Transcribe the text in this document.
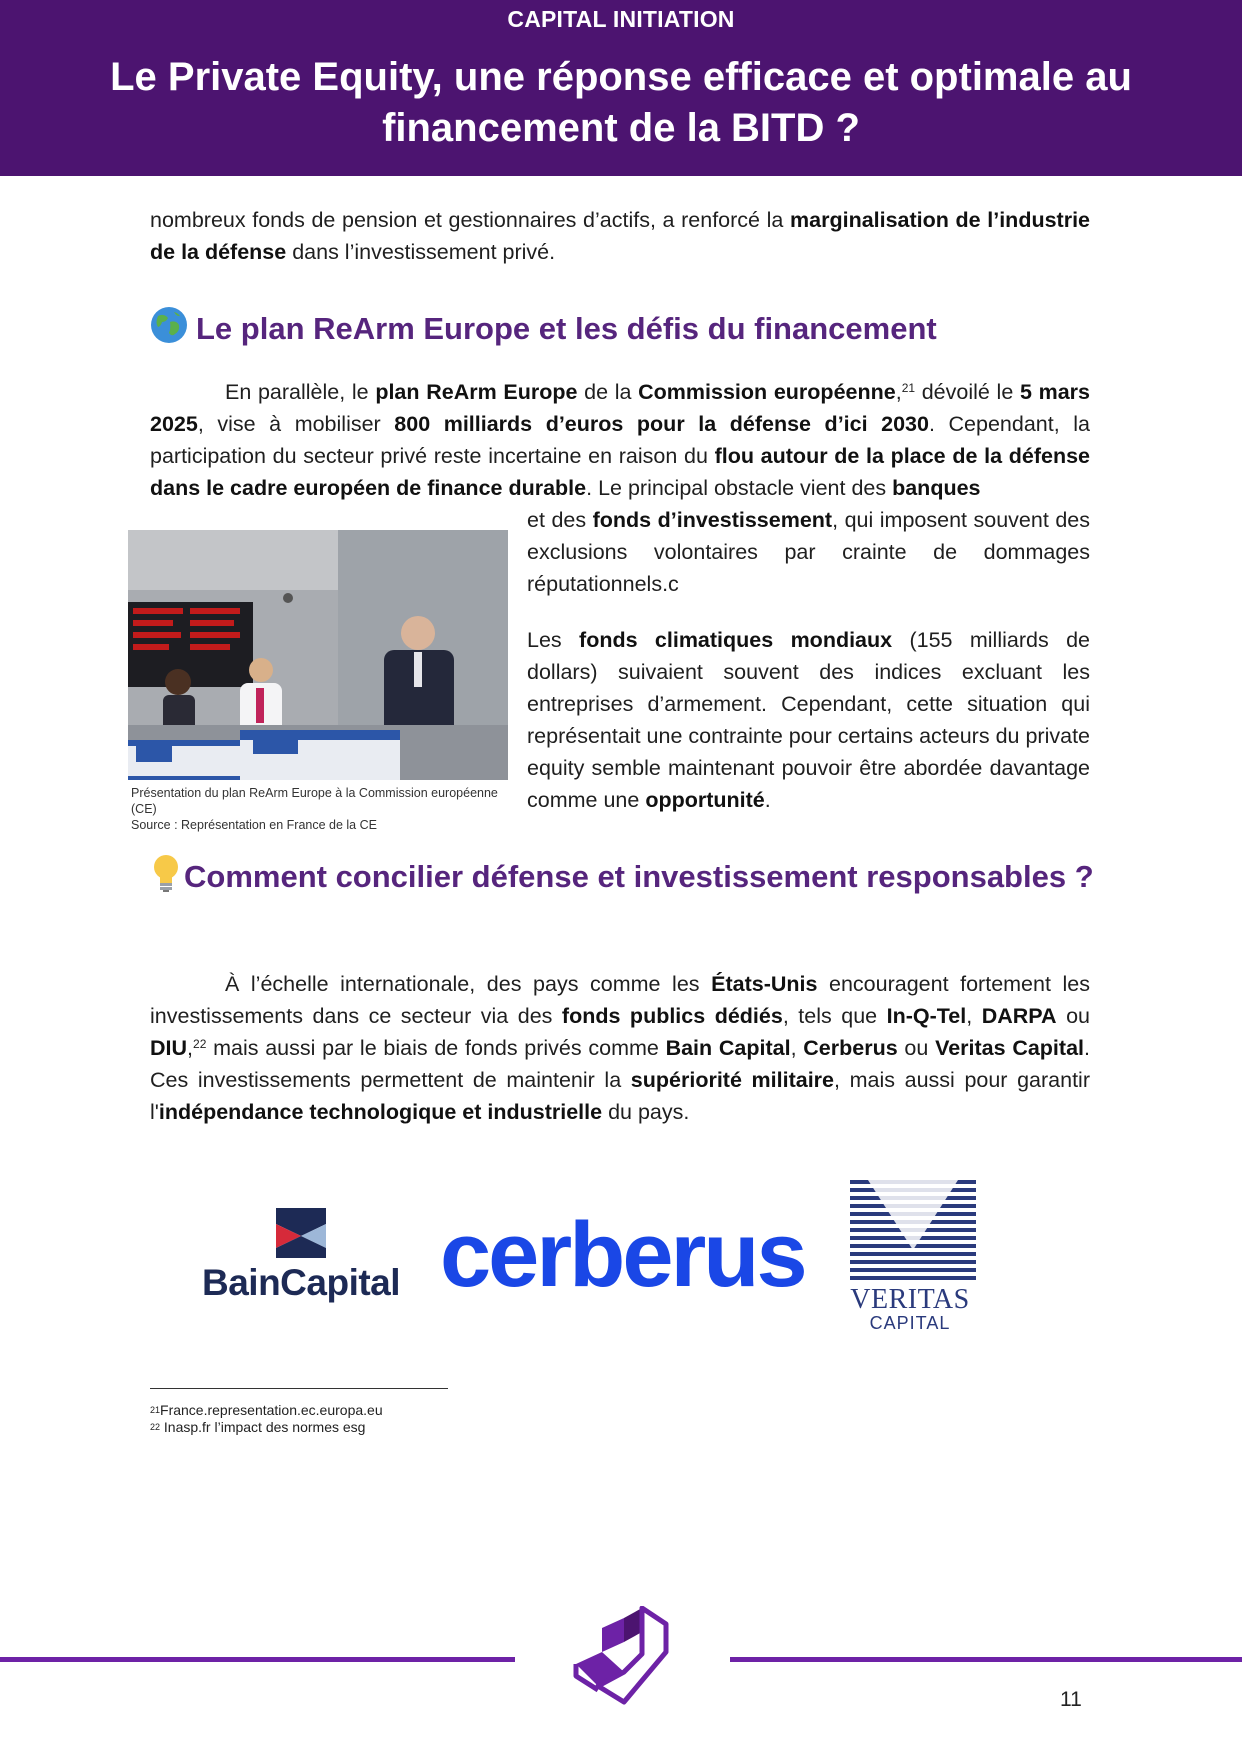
CAPITAL INITIATION
Le Private Equity, une réponse efficace et optimale au financement de la BITD ?

nombreux fonds de pension et gestionnaires d’actifs, a renforcé la marginalisation de l’industrie de la défense dans l’investissement privé.

Le plan ReArm Europe et les défis du financement

En parallèle, le plan ReArm Europe de la Commission européenne,$^{21}$ dévoilé le 5 mars 2025, vise à mobiliser 800 milliards d’euros pour la défense d’ici 2030. Cependant, la participation du secteur privé reste incertaine en raison du flou autour de la place de la défense dans le cadre européen de finance durable. Le principal obstacle vient des banques

Présentation du plan ReArm Europe à la Commission européenne (CE)
Source : Représentation en France de la CE

et des fonds d’investissement, qui imposent souvent des exclusions volontaires par crainte de dommages réputationnels.c

Les fonds climatiques mondiaux (155 milliards de dollars) suivaient souvent des indices excluant les entreprises d’armement. Cependant, cette situation qui représentait une contrainte pour certains acteurs du private equity semble maintenant pouvoir être abordée davantage comme une opportunité.

Comment concilier défense et investissement responsables ?

À l’échelle internationale, des pays comme les États-Unis encouragent fortement les investissements dans ce secteur via des fonds publics dédiés, tels que In-Q-Tel, DARPA ou DIU,$^{22}$ mais aussi par le biais de fonds privés comme Bain Capital, Cerberus ou Veritas Capital. Ces investissements permettent de maintenir la supériorité militaire, mais aussi pour garantir l'indépendance technologique et industrielle du pays.

BainCapital cerberus VERITAS
CAPITAL
$^{21}$France.representation.ec.europa.eu
$^{22}$ Inasp.fr l’impact des normes esg
11
